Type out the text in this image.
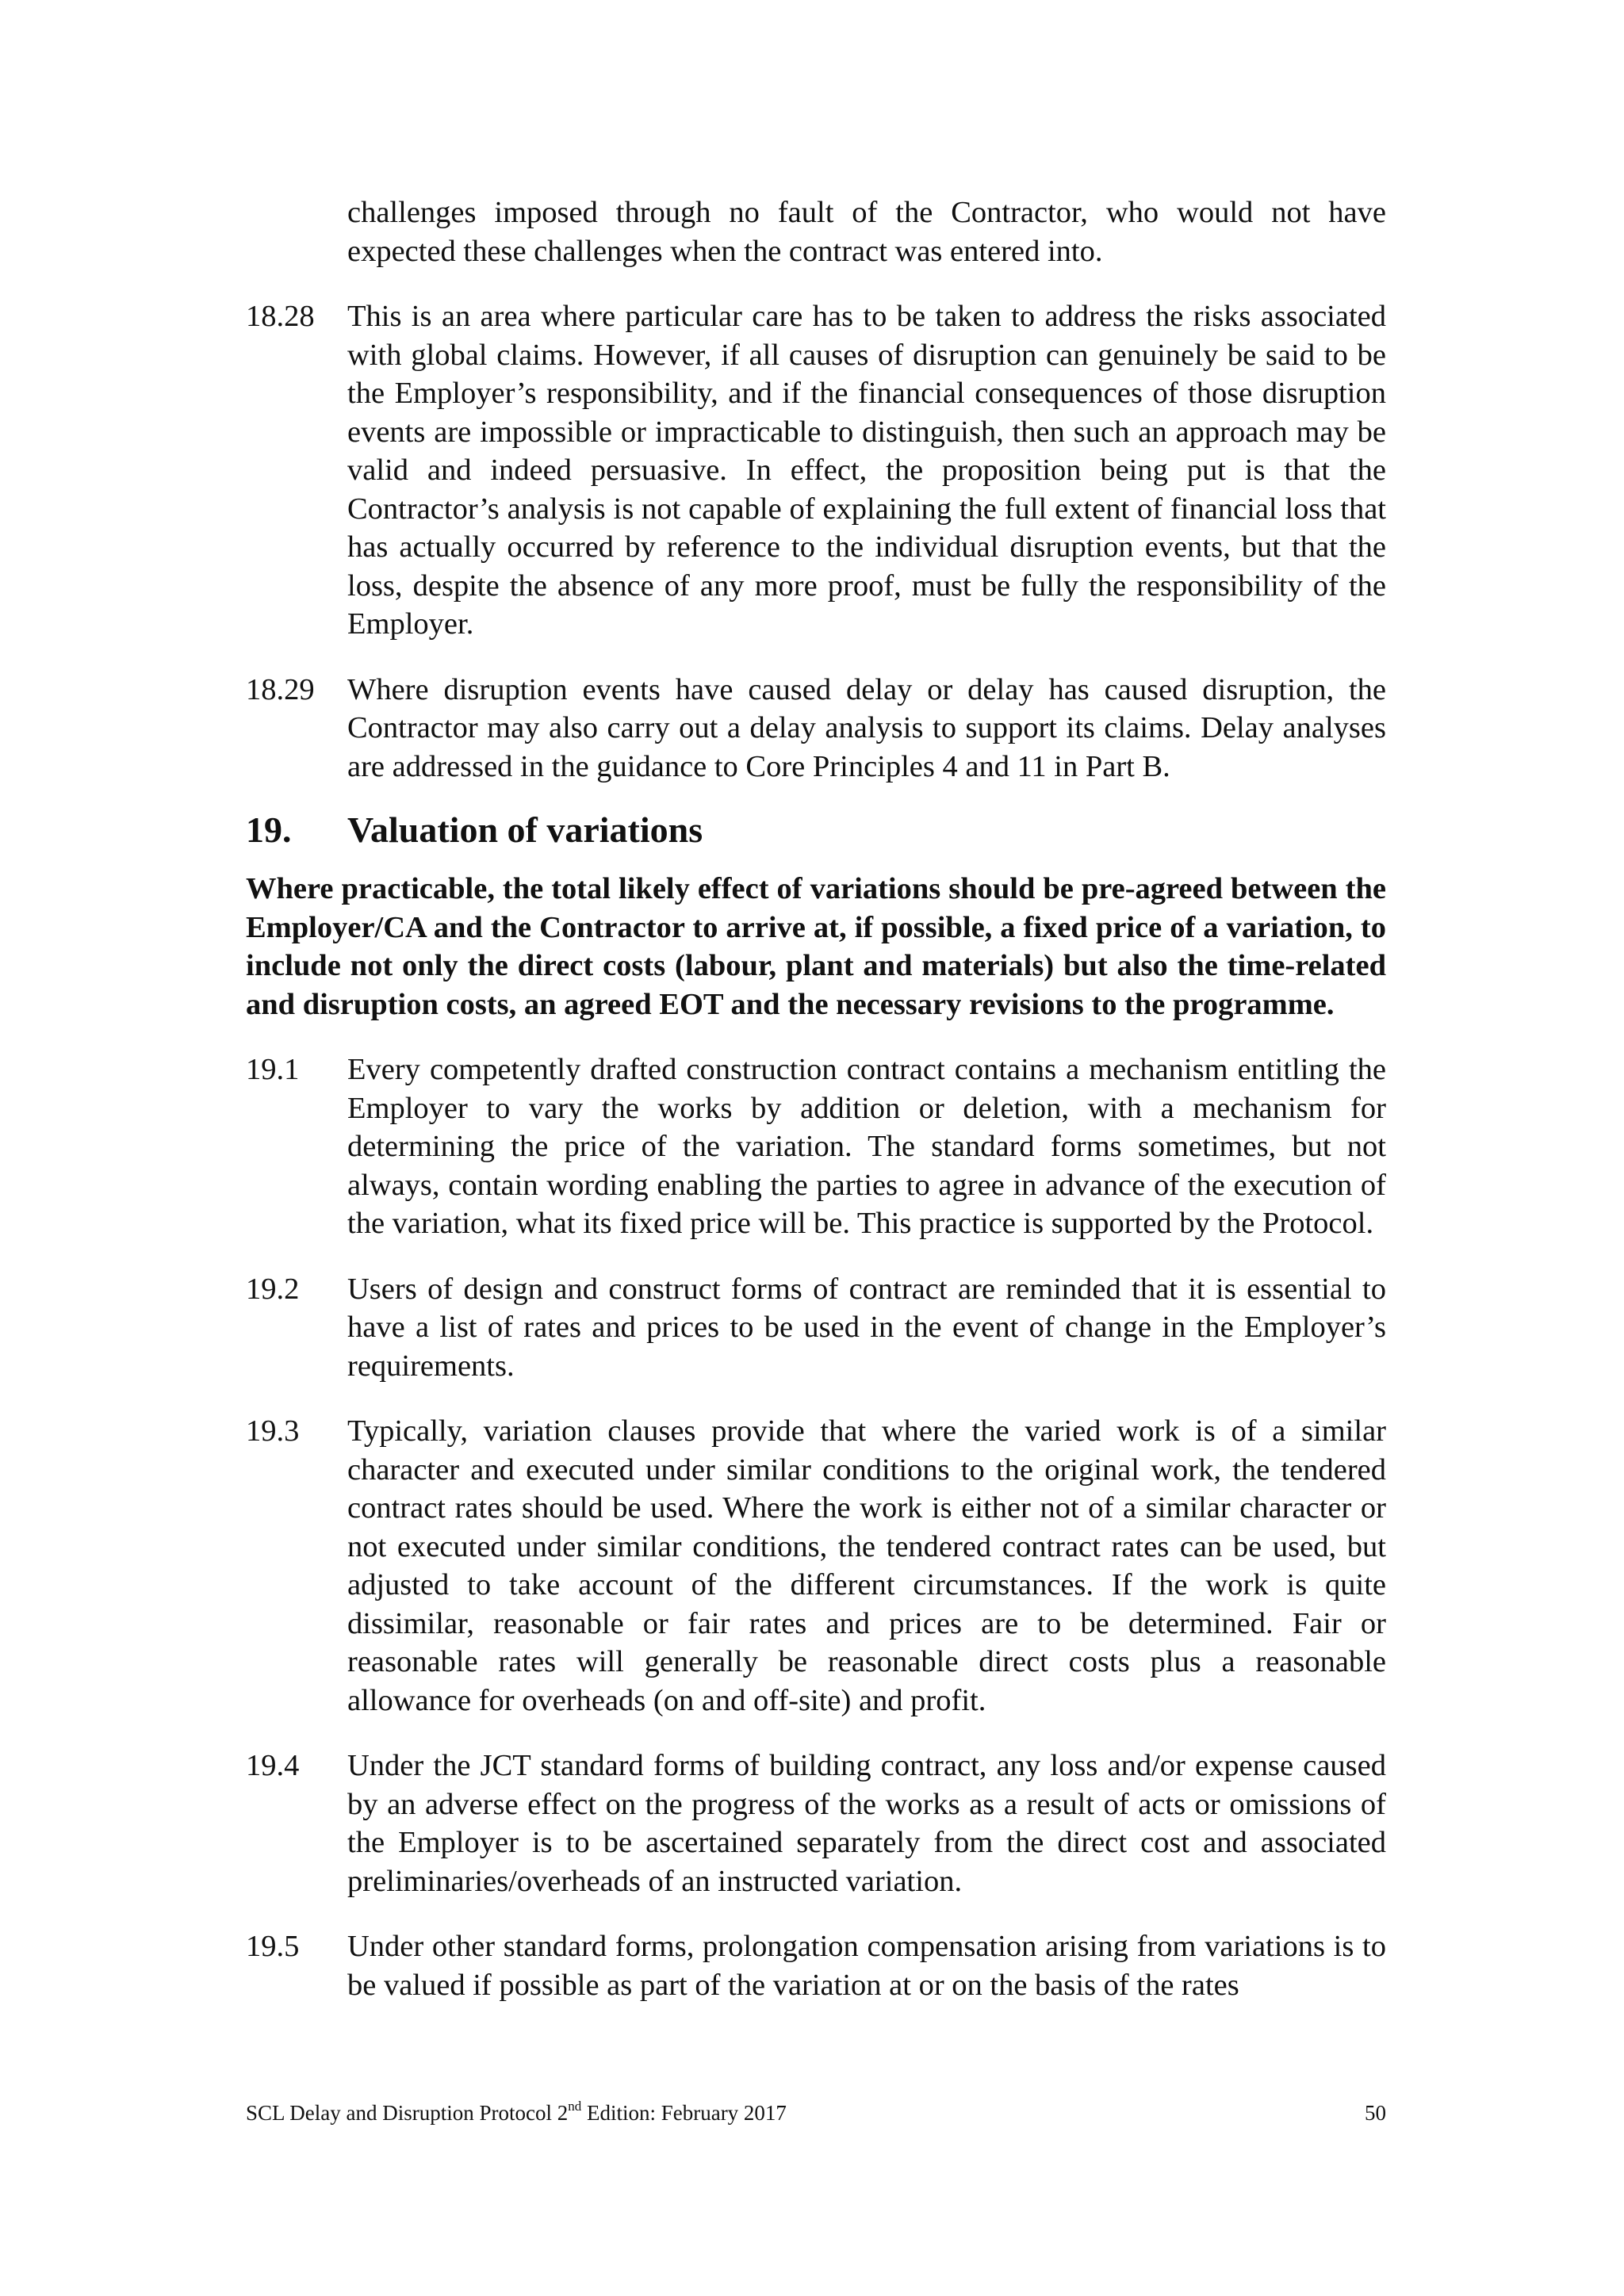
challenges imposed through no fault of the Contractor, who would not have expected these challenges when the contract was entered into.
18.28 This is an area where particular care has to be taken to address the risks associated with global claims. However, if all causes of disruption can genuinely be said to be the Employer’s responsibility, and if the financial consequences of those disruption events are impossible or impracticable to distinguish, then such an approach may be valid and indeed persuasive. In effect, the proposition being put is that the Contractor’s analysis is not capable of explaining the full extent of financial loss that has actually occurred by reference to the individual disruption events, but that the loss, despite the absence of any more proof, must be fully the responsibility of the Employer.
18.29 Where disruption events have caused delay or delay has caused disruption, the Contractor may also carry out a delay analysis to support its claims. Delay analyses are addressed in the guidance to Core Principles 4 and 11 in Part B.
19. Valuation of variations
Where practicable, the total likely effect of variations should be pre-agreed between the Employer/CA and the Contractor to arrive at, if possible, a fixed price of a variation, to include not only the direct costs (labour, plant and materials) but also the time-related and disruption costs, an agreed EOT and the necessary revisions to the programme.
19.1 Every competently drafted construction contract contains a mechanism entitling the Employer to vary the works by addition or deletion, with a mechanism for determining the price of the variation. The standard forms sometimes, but not always, contain wording enabling the parties to agree in advance of the execution of the variation, what its fixed price will be. This practice is supported by the Protocol.
19.2 Users of design and construct forms of contract are reminded that it is essential to have a list of rates and prices to be used in the event of change in the Employer’s requirements.
19.3 Typically, variation clauses provide that where the varied work is of a similar character and executed under similar conditions to the original work, the tendered contract rates should be used. Where the work is either not of a similar character or not executed under similar conditions, the tendered contract rates can be used, but adjusted to take account of the different circumstances. If the work is quite dissimilar, reasonable or fair rates and prices are to be determined. Fair or reasonable rates will generally be reasonable direct costs plus a reasonable allowance for overheads (on and off-site) and profit.
19.4 Under the JCT standard forms of building contract, any loss and/or expense caused by an adverse effect on the progress of the works as a result of acts or omissions of the Employer is to be ascertained separately from the direct cost and associated preliminaries/overheads of an instructed variation.
19.5 Under other standard forms, prolongation compensation arising from variations is to be valued if possible as part of the variation at or on the basis of the rates
SCL Delay and Disruption Protocol 2nd Edition: February 2017	50
